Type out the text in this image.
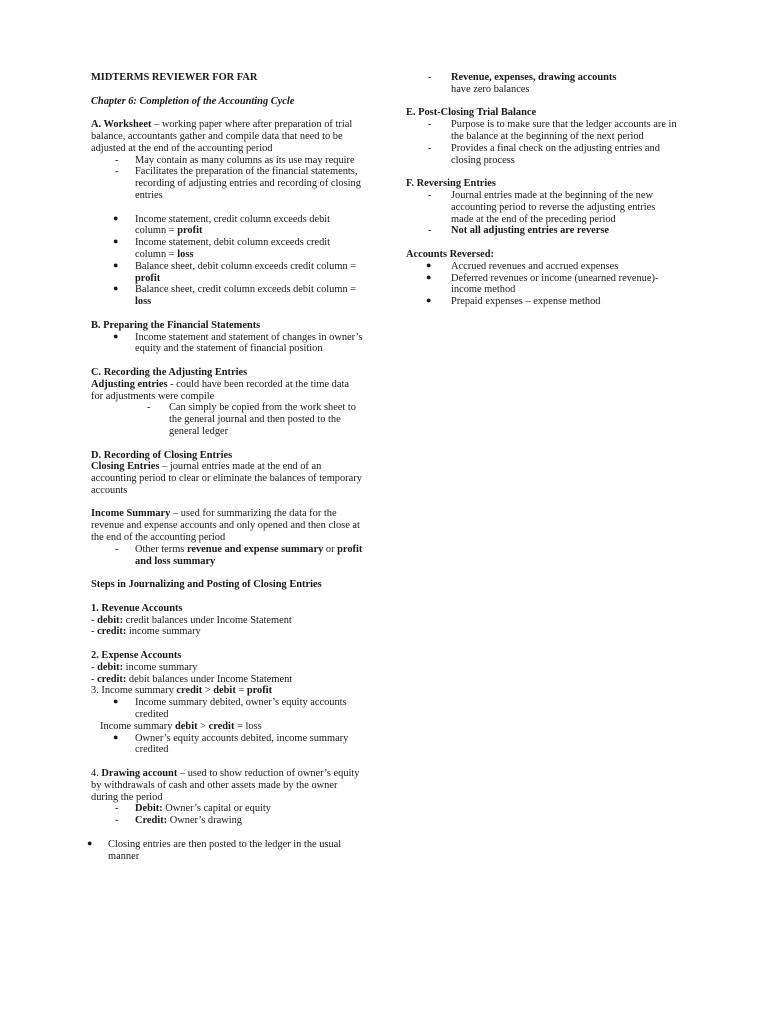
MIDTERMS REVIEWER FOR FAR

Chapter 6: Completion of the Accounting Cycle

A. Worksheet – working paper where after preparation of trial balance, accountants gather and compile data that need to be adjusted at the end of the accounting period

- May contain as many columns as its use may require
- Facilitates the preparation of the financial statements, recording of adjusting entries and recording of closing entries
● Income statement, credit column exceeds debit column = profit
● Income statement, debit column exceeds credit column = loss
● Balance sheet, debit column exceeds credit column = profit
● Balance sheet, credit column exceeds debit column = loss

B. Preparing the Financial Statements

● Income statement and statement of changes in owner’s equity and the statement of financial position

C. Recording the Adjusting Entries

Adjusting entries - could have been recorded at the time data for adjustments were compile

- Can simply be copied from the work sheet to the general journal and then posted to the general ledger

D. Recording of Closing Entries

Closing Entries – journal entries made at the end of an accounting period to clear or eliminate the balances of temporary accounts

Income Summary – used for summarizing the data for the revenue and expense accounts and only opened and then close at the end of the accounting period

- Other terms revenue and expense summary or profit and loss summary

Steps in Journalizing and Posting of Closing Entries

1. Revenue Accounts

- debit: credit balances under Income Statement

- credit: income summary

2. Expense Accounts

- debit: income summary

- credit: debit balances under Income Statement

3. Income summary credit > debit = profit

● Income summary debited, owner’s equity accounts credited

Income summary debit > credit = loss

● Owner’s equity accounts debited, income summary credited

4. Drawing account – used to show reduction of owner’s equity by withdrawals of cash and other assets made by the owner during the period

- Debit: Owner’s capital or equity
- Credit: Owner’s drawing
● Closing entries are then posted to the ledger in the usual manner
- Revenue, expenses, drawing accounts
have zero balances

E. Post-Closing Trial Balance

- Purpose is to make sure that the ledger accounts are in the balance at the beginning of the next period
- Provides a final check on the adjusting entries and closing process

F. Reversing Entries

- Journal entries made at the beginning of the new accounting period to reverse the adjusting entries made at the end of the preceding period
- Not all adjusting entries are reverse

Accounts Reversed:

● Accrued revenues and accrued expenses
● Deferred revenues or income (unearned revenue)- income method
● Prepaid expenses – expense method
